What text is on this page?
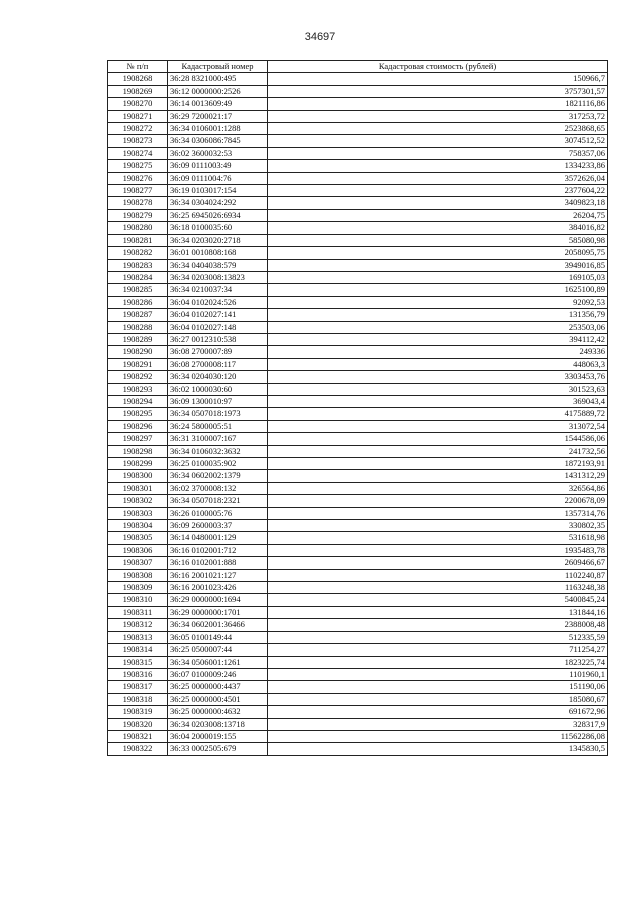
34697
№ п/п	Кадастровый номер	Кадастровая стоимость (рублей)
1908268	36:28 8321000:495	150966,7
1908269	36:12 0000000:2526	3757301,57
1908270	36:14 0013609:49	1821116,86
1908271	36:29 7200021:17	317253,72
1908272	36:34 0106001:1288	2523868,65
1908273	36:34 0306086:7845	3074512,52
1908274	36:02 3600032:53	758357,06
1908275	36:09 0111003:49	1334233,86
1908276	36:09 0111004:76	3572626,04
1908277	36:19 0103017:154	2377604,22
1908278	36:34 0304024:292	3409823,18
1908279	36:25 6945026:6934	26204,75
1908280	36:18 0100035:60	384016,82
1908281	36:34 0203020:2718	585080,98
1908282	36:01 0010808:168	2058095,75
1908283	36:34 0404038:579	3949016,85
1908284	36:34 0203008:13823	169105,03
1908285	36:34 0210037:34	1625100,89
1908286	36:04 0102024:526	92092,53
1908287	36:04 0102027:141	131356,79
1908288	36:04 0102027:148	253503,06
1908289	36:27 0012310:538	394112,42
1908290	36:08 2700007:89	249336
1908291	36:08 2700008:117	448063,3
1908292	36:34 0204030:120	3303453,76
1908293	36:02 1000030:60	301523,63
1908294	36:09 1300010:97	369043,4
1908295	36:34 0507018:1973	4175889,72
1908296	36:24 5800005:51	313072,54
1908297	36:31 3100007:167	1544586,06
1908298	36:34 0106032:3632	241732,56
1908299	36:25 0100035:902	1872193,91
1908300	36:34 0602002:1379	1431312,29
1908301	36:02 3700008:132	326564,86
1908302	36:34 0507018:2321	2200678,09
1908303	36:26 0100005:76	1357314,76
1908304	36:09 2600003:37	330802,35
1908305	36:14 0480001:129	531618,98
1908306	36:16 0102001:712	1935483,78
1908307	36:16 0102001:888	2609466,67
1908308	36:16 2001021:127	1102240,87
1908309	36:16 2001023:426	1163248,38
1908310	36:29 0000000:1694	5400845,24
1908311	36:29 0000000:1701	131844,16
1908312	36:34 0602001:36466	2388008,48
1908313	36:05 0100149:44	512335,59
1908314	36:25 0500007:44	711254,27
1908315	36:34 0506001:1261	1823225,74
1908316	36:07 0100009:246	1101960,1
1908317	36:25 0000000:4437	151190,06
1908318	36:25 0000000:4501	185080,67
1908319	36:25 0000000:4632	691672,96
1908320	36:34 0203008:13718	328317,9
1908321	36:04 2000019:155	11562286,08
1908322	36:33 0002505:679	1345830,5
